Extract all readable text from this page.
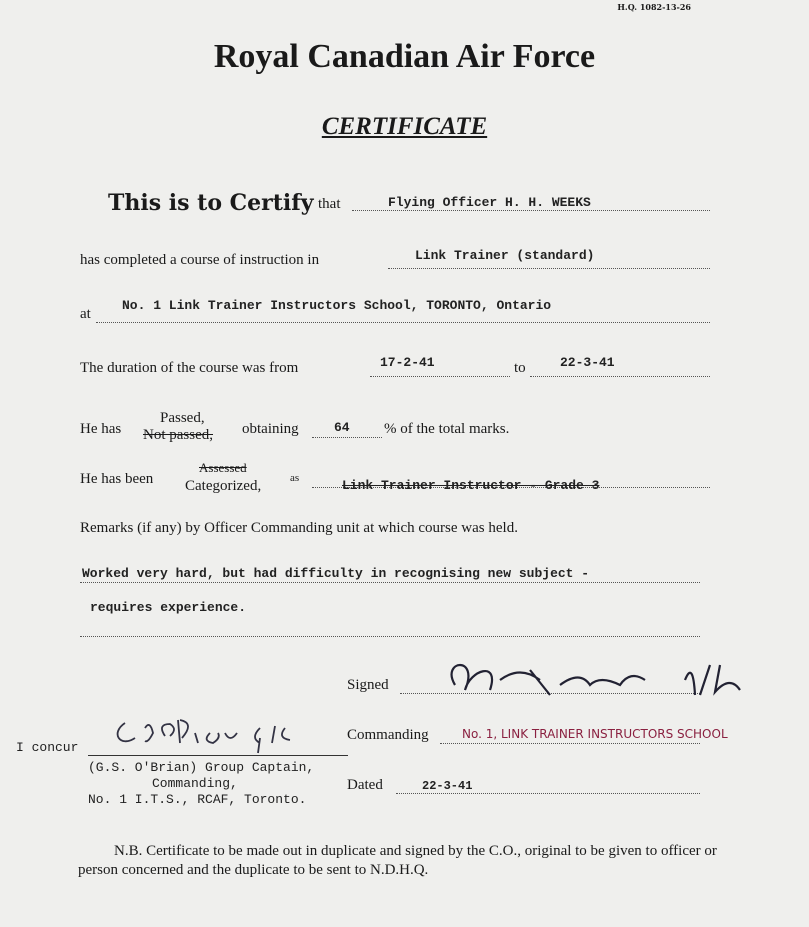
H.Q. 1082-13-26
Royal Canadian Air Force
CERTIFICATE
This is to Certify that	Flying Officer H. H. WEEKS
has completed a course of instruction in	Link Trainer (standard)
at
No. 1 Link Trainer Instructors School, TORONTO, Ontario
The duration of the course was from	17-2-41	to	22-3-41
He has
Passed,
Not passed, obtaining	64 % of the total marks.
He has been
Assessed
Categorized,	as	Link Trainer Instructor - Grade 3
Remarks (if any) by Officer Commanding unit at which course was held.
Worked very hard, but had difficulty in recognising new subject -
requires experience.
Signed
Commanding	No. 1, LINK TRAINER INSTRUCTORS SCHOOL
I concur
(G.S. O'Brian) Group Captain,
Commanding,
No. 1 I.T.S., RCAF, Toronto.
Dated	22-3-41
N.B. Certificate to be made out in duplicate and signed by the C.O., original to be given to officer or person concerned and the duplicate to be sent to N.D.H.Q.
